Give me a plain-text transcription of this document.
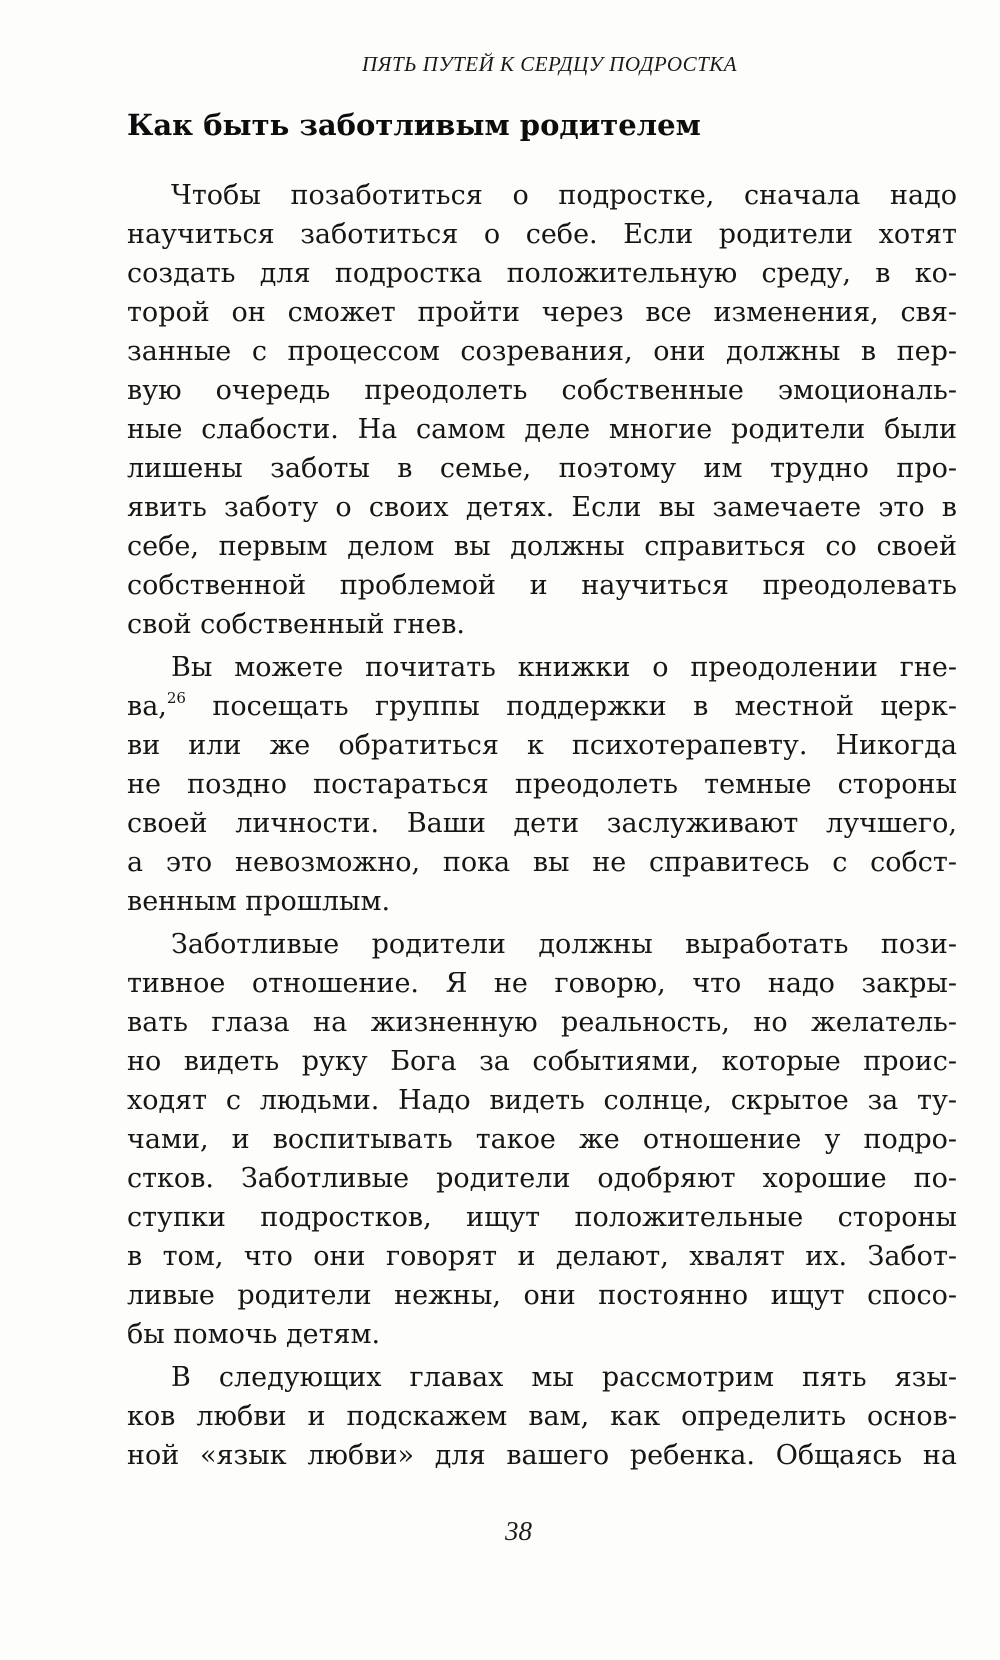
ПЯТЬ ПУТЕЙ К СЕРДЦУ ПОДРОСТКА
Как быть заботливым родителем
Чтобы позаботиться о подростке, сначала надо
научиться заботиться о себе. Если родители хотят
создать для подростка положительную среду, в ко-
торой он сможет пройти через все изменения, свя-
занные с процессом созревания, они должны в пер-
вую очередь преодолеть собственные эмоциональ-
ные слабости. На самом деле многие родители были
лишены заботы в семье, поэтому им трудно про-
явить заботу о своих детях. Если вы замечаете это в
себе, первым делом вы должны справиться со своей
собственной проблемой и научиться преодолевать
свой собственный гнев.
Вы можете почитать книжки о преодолении гне-
ва,$^{26}$ посещать группы поддержки в местной церк-
ви или же обратиться к психотерапевту. Никогда
не поздно постараться преодолеть темные стороны
своей личности. Ваши дети заслуживают лучшего,
а это невозможно, пока вы не справитесь с собст-
венным прошлым.
Заботливые родители должны выработать пози-
тивное отношение. Я не говорю, что надо закры-
вать глаза на жизненную реальность, но желатель-
но видеть руку Бога за событиями, которые проис-
ходят с людьми. Надо видеть солнце, скрытое за ту-
чами, и воспитывать такое же отношение у подро-
стков. Заботливые родители одобряют хорошие по-
ступки подростков, ищут положительные стороны
в том, что они говорят и делают, хвалят их. Забот-
ливые родители нежны, они постоянно ищут спосо-
бы помочь детям.
В следующих главах мы рассмотрим пять язы-
ков любви и подскажем вам, как определить основ-
ной «язык любви» для вашего ребенка. Общаясь на
38
